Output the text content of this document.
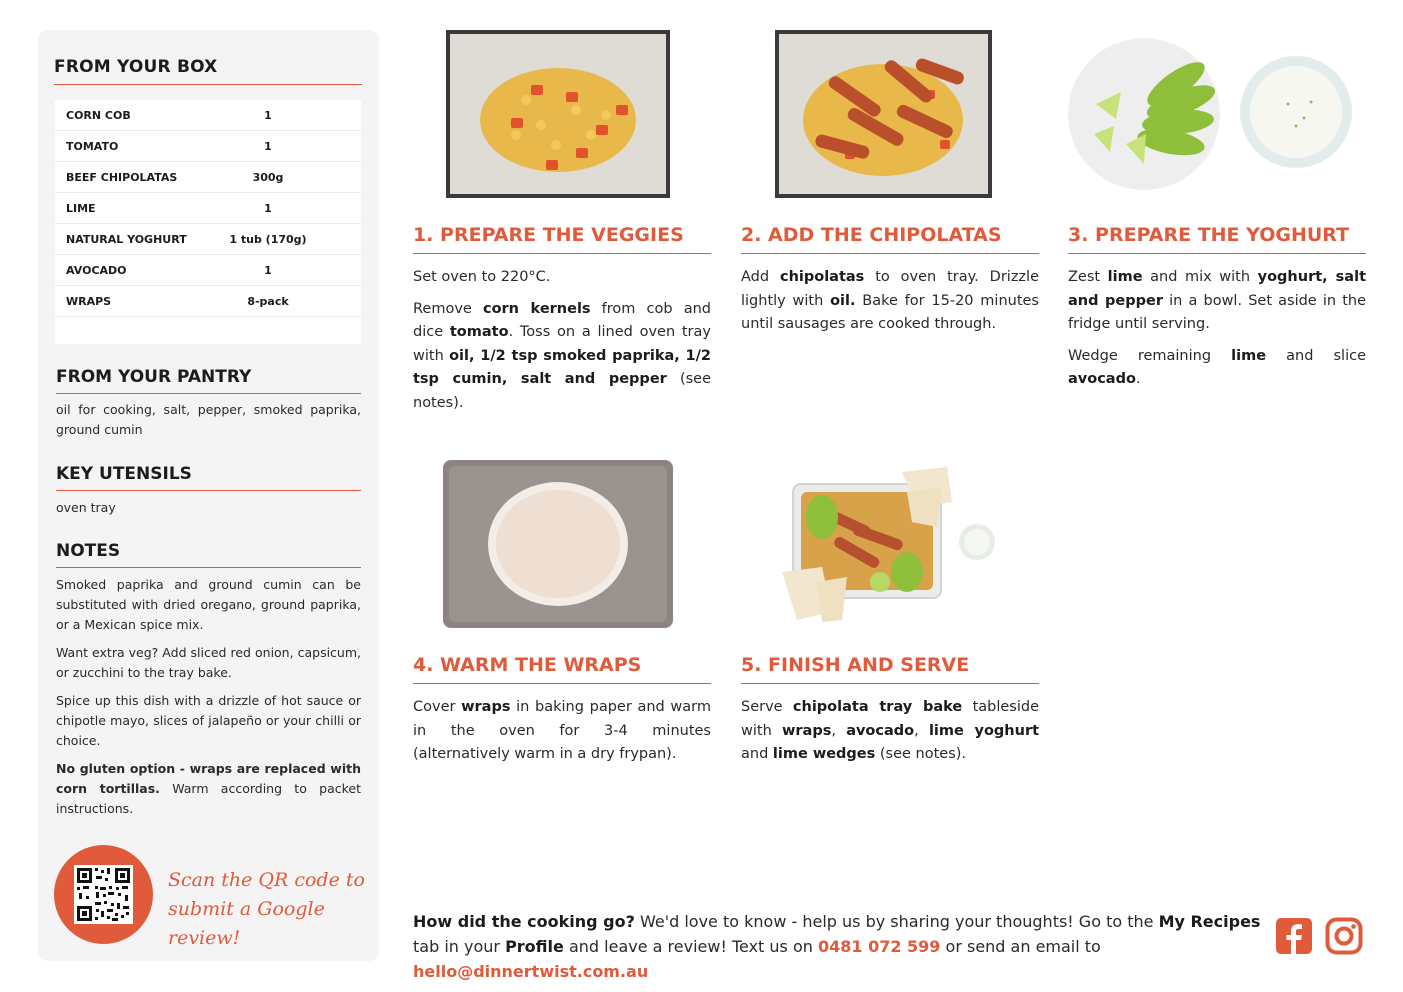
FROM YOUR BOX
CORN COB	1
TOMATO	1
BEEF CHIPOLATAS	300g
LIME	1
NATURAL YOGHURT	1 tub (170g)
AVOCADO	1
WRAPS	8-pack
FROM YOUR PANTRY
oil for cooking, salt, pepper, smoked paprika, ground cumin
KEY UTENSILS
oven tray
NOTES

Smoked paprika and ground cumin can be substituted with dried oregano, ground paprika, or a Mexican spice mix.

Want extra veg? Add sliced red onion, capsicum, or zucchini to the tray bake.

Spice up this dish with a drizzle of hot sauce or chipotle mayo, slices of jalapeño or your chilli or choice.

No gluten option - wraps are replaced with corn tortillas. Warm according to packet instructions.

Scan the QR code to
submit a Google review!
1. PREPARE THE VEGGIES

Set oven to 220°C.

Remove corn kernels from cob and dice tomato. Toss on a lined oven tray with oil, 1/2 tsp smoked paprika, 1/2 tsp cumin, salt and pepper (see notes).

2. ADD THE CHIPOLATAS

Add chipolatas to oven tray. Drizzle lightly with oil. Bake for 15-20 minutes until sausages are cooked through.

3. PREPARE THE YOGHURT

Zest lime and mix with yoghurt, salt and pepper in a bowl. Set aside in the fridge until serving.

Wedge remaining lime and slice avocado.

4. WARM THE WRAPS

Cover wraps in baking paper and warm in the oven for 3-4 minutes (alternatively warm in a dry frypan).

5. FINISH AND SERVE

Serve chipolata tray bake tableside with wraps, avocado, lime yoghurt and lime wedges (see notes).

How did the cooking go? We'd love to know - help us by sharing your thoughts! Go to the My Recipes tab in your Profile and leave a review! Text us on 0481 072 599 or send an email to hello@dinnertwist.com.au
